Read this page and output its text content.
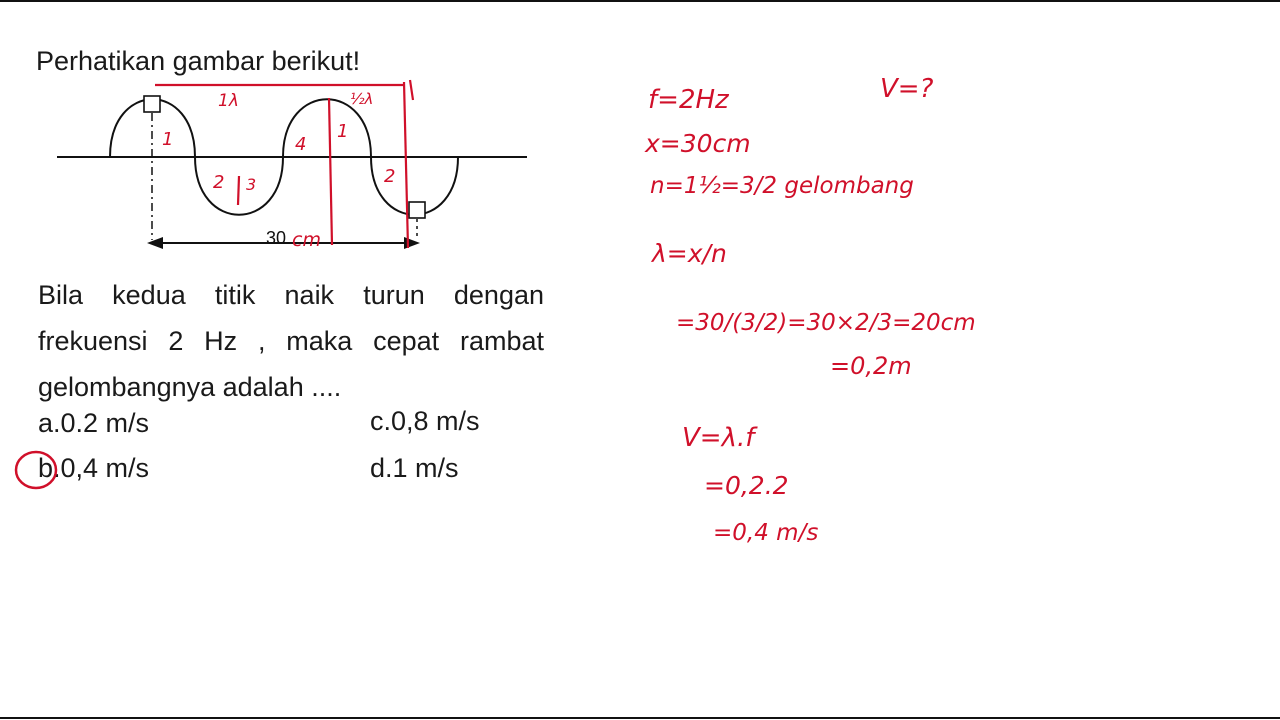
Perhatikan gambar berikut!
30 cm
1λ	½λ
1
2 3
4
1
2
Bila kedua titik naik turun dengan frekuensi 2 Hz , maka cepat rambat gelombangnya adalah ....
a.0.2 m/s
b.0,4 m/s
c.0,8 m/s
d.1 m/s
f=2Hz	V=?
x=30cm
n=1½=3/2 gelombang
λ=x/n
=30/(3/2)=30×2/3=20cm
=0,2m
V=λ.f
=0,2.2
=0,4 m/s
